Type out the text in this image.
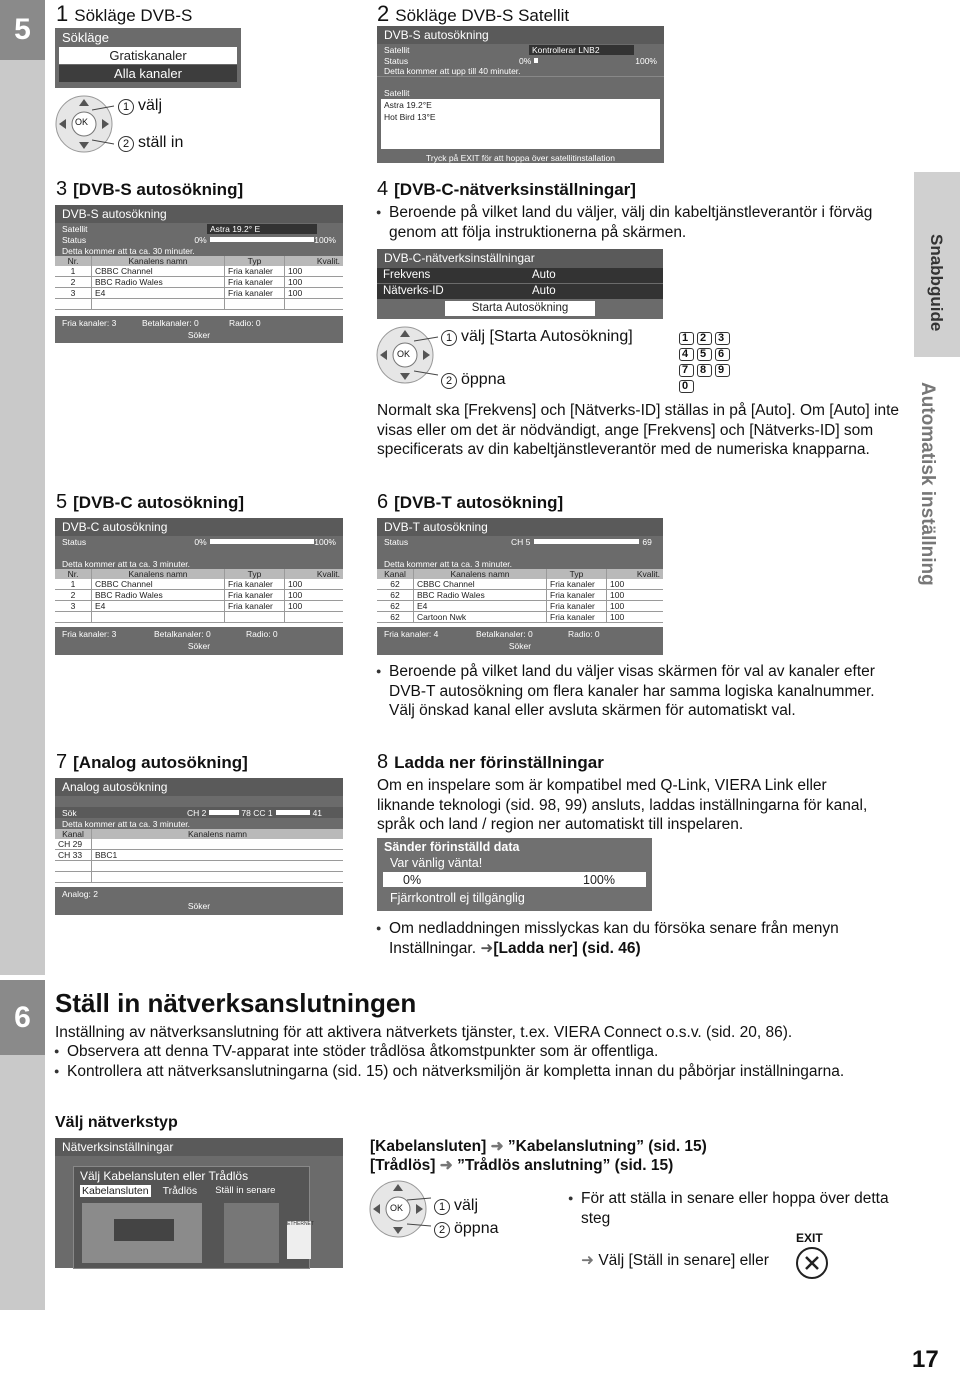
5
6
Snabbguide
Automatisk inställning
1 Sökläge DVB-S
Sökläge
Gratiskanaler
Alla kanaler
OK
1 välj
2 ställ in
2 Sökläge DVB-S Satellit
DVB-S autosökning
Satellit	Kontrollerar LNB2
Status	0%	100%
Detta kommer att upp till 40 minuter.
Satellit
Astra 19.2°E
Hot Bird 13°E
Tryck på EXIT för att hoppa över satellitinstallation
Söker satellit
3 [DVB-S autosökning]
DVB-S autosökning
Satellit	Astra 19.2° E
Status	0%	100%
Detta kommer att ta ca. 30 minuter.
Nr.	Kanalens namn	Typ	Kvalit.
1	CBBC Channel	Fria kanaler	100
2	BBC Radio Wales	Fria kanaler	100
3	E4	Fria kanaler	100
Fria kanaler: 3	Betalkanaler: 0	Radio: 0
Söker
4 [DVB-C-nätverksinställningar]
● Beroende på vilket land du väljer, välj din kabeltjänstleverantör i förväg genom att följa instruktionerna på skärmen.
DVB-C-nätverksinställningar
Frekvens	Auto
Nätverks-ID	Auto
Starta Autosökning
OK
1 välj [Starta Autosökning]
2 öppna
1 2 3
4 5 6
7 8 9
0
Normalt ska [Frekvens] och [Nätverks-ID] ställas in på [Auto]. Om [Auto] inte visas eller om det är nödvändigt, ange [Frekvens] och [Nätverks-ID] som specificerats av din kabeltjänstleverantör med de numeriska knapparna.
5 [DVB-C autosökning]
DVB-C autosökning
Status	0%	100%
Detta kommer att ta ca. 3 minuter.
Nr.	Kanalens namn	Typ	Kvalit.
1	CBBC Channel	Fria kanaler	100
2	BBC Radio Wales	Fria kanaler	100
3	E4	Fria kanaler	100
Fria kanaler: 3	Betalkanaler: 0	Radio: 0
Söker
6 [DVB-T autosökning]
DVB-T autosökning
Status	CH 5	69
Detta kommer att ta ca. 3 minuter.
Kanal	Kanalens namn	Typ	Kvalit.
62	CBBC Channel	Fria kanaler	100
62	BBC Radio Wales	Fria kanaler	100
62	E4	Fria kanaler	100
62	Cartoon Nwk	Fria kanaler	100
Fria kanaler: 4	Betalkanaler: 0	Radio: 0
Söker
● Beroende på vilket land du väljer visas skärmen för val av kanaler efter DVB-T autosökning om flera kanaler har samma logiska kanalnummer. Välj önskad kanal eller avsluta skärmen för automatiskt val.
7 [Analog autosökning]
Analog autosökning
Sök	CH 2	78 CC 1	41
Detta kommer att ta ca. 3 minuter.
Kanal	Kanalens namn
CH 29
CH 33	BBC1
Analog: 2
Söker
8 Ladda ner förinställningar
Om en inspelare som är kompatibel med Q-Link, VIERA Link eller liknande teknologi (sid. 98, 99) ansluts, laddas inställningarna för kanal, språk och land / region ner automatiskt till inspelaren.
Sänder förinställd data
Var vänlig vänta!
0%	100%
Fjärrkontroll ej tillgänglig
● Om nedladdningen misslyckas kan du försöka senare från menyn Inställningar. ➜[Ladda ner] (sid. 46)
Ställ in nätverksanslutningen
Inställning av nätverksanslutning för att aktivera nätverkets tjänster, t.ex. VIERA Connect o.s.v. (sid. 20, 86).
● Observera att denna TV-apparat inte stöder trådlösa åtkomstpunkter som är offentliga.
● Kontrollera att nätverksanslutningarna (sid. 15) och nätverksmiljön är kompletta innan du påbörjar inställningarna.
Välj nätverkstyp
Nätverksinställningar
Välj Kabelansluten eller Trådlös
Kabelansluten Trådlös Ställ in senare
ETHERNET
[Kabelansluten] ➜ ”Kabelanslutning” (sid. 15)
[Trådlös] ➜ ”Trådlös anslutning” (sid. 15)
OK	1 välj
2 öppna
● För att ställa in senare eller hoppa över detta steg
➜ Välj [Ställ in senare] eller
EXIT
17
